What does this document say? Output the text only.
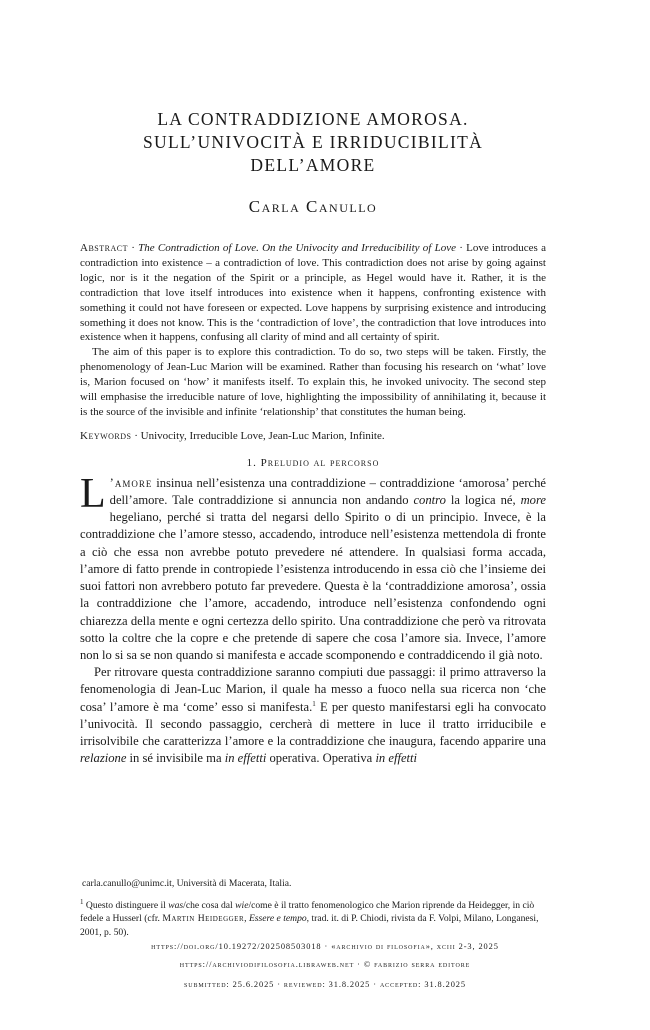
LA CONTRADDIZIONE AMOROSA.
SULL’UNIVOCITÀ E IRRIDUCIBILITÀ DELL’AMORE
Carla Canullo

Abstract · The Contradiction of Love. On the Univocity and Irreducibility of Love · Love introduces a contradiction into existence – a contradiction of love. This contradiction does not arise by going against logic, nor is it the negation of the Spirit or a principle, as Hegel would have it. Rather, it is the contradiction that love itself introduces into existence when it happens, confronting existence with something it could not have foreseen or expected. Love happens by surprising existence and introducing something it does not know. This is the ‘contradiction of love’, the contradiction that love introduces into existence when it happens, confusing all clarity of mind and all certainty of spirit.

The aim of this paper is to explore this contradiction. To do so, two steps will be taken. Firstly, the phenomenology of Jean-Luc Marion will be examined. Rather than focusing his research on ‘what’ love is, Marion focused on ‘how’ it manifests itself. To explain this, he invoked univocity. The second step will emphasise the irreducible nature of love, highlighting the impossibility of annihilating it, because it is the source of the invisible and infinite ‘relationship’ that constitutes the human being.

Keywords · Univocity, Irreducible Love, Jean-Luc Marion, Infinite.
1. Preludio al percorso

L ’amore insinua nell’esistenza una contraddizione – contraddizione ‘amorosa’ perché dell’amore. Tale contraddizione si annuncia non andando contro la logica né, more hegeliano, perché si tratta del negarsi dello Spirito o di un principio. Invece, è la contraddizione che l’amore stesso, accadendo, introduce nell’esistenza mettendola di fronte a ciò che essa non avrebbe potuto prevedere né attendere. In qualsiasi forma accada, l’amore di fatto prende in contropiede l’esistenza introducendo in essa ciò che l’insieme dei suoi fattori non avrebbero potuto far prevedere. Questa è la ‘contraddizione amorosa’, ossia la contraddizione che l’amore, accadendo, introduce nell’esistenza confondendo ogni chiarezza della mente e ogni certezza dello spirito. Una contraddizione che però va ritrovata sotto la coltre che la copre e che pretende di sapere che cosa l’amore sia. Invece, l’amore non lo si sa se non quando si manifesta e accade scomponendo e contraddicendo il già noto.

Per ritrovare questa contraddizione saranno compiuti due passaggi: il primo attraverso la fenomenologia di Jean-Luc Marion, il quale ha messo a fuoco nella sua ricerca non ‘che cosa’ l’amore è ma ‘come’ esso si manifesta.$^1$ E per questo manifestarsi egli ha convocato l’univocità. Il secondo passaggio, cercherà di mettere in luce il tratto irriducibile e irrisolvibile che caratterizza l’amore e la contraddizione che inaugura, facendo apparire una relazione in sé invisibile ma in effetti operativa. Operativa in effetti

carla.canullo@unimc.it, Università di Macerata, Italia.

$^1$ Questo distinguere il was/che cosa dal wie/come è il tratto fenomenologico che Marion riprende da Heidegger, in ciò fedele a Husserl (cfr. Martin Heidegger, Essere e tempo, trad. it. di P. Chiodi, rivista da F. Volpi, Milano, Longanesi, 2001, p. 50).

https://doi.org/10.19272/202508503018 · «archivio di filosofia», xciii 2-3, 2025
https://archiviodifilosofia.libraweb.net · © fabrizio serra editore
submitted: 25.6.2025 · reviewed: 31.8.2025 · accepted: 31.8.2025
